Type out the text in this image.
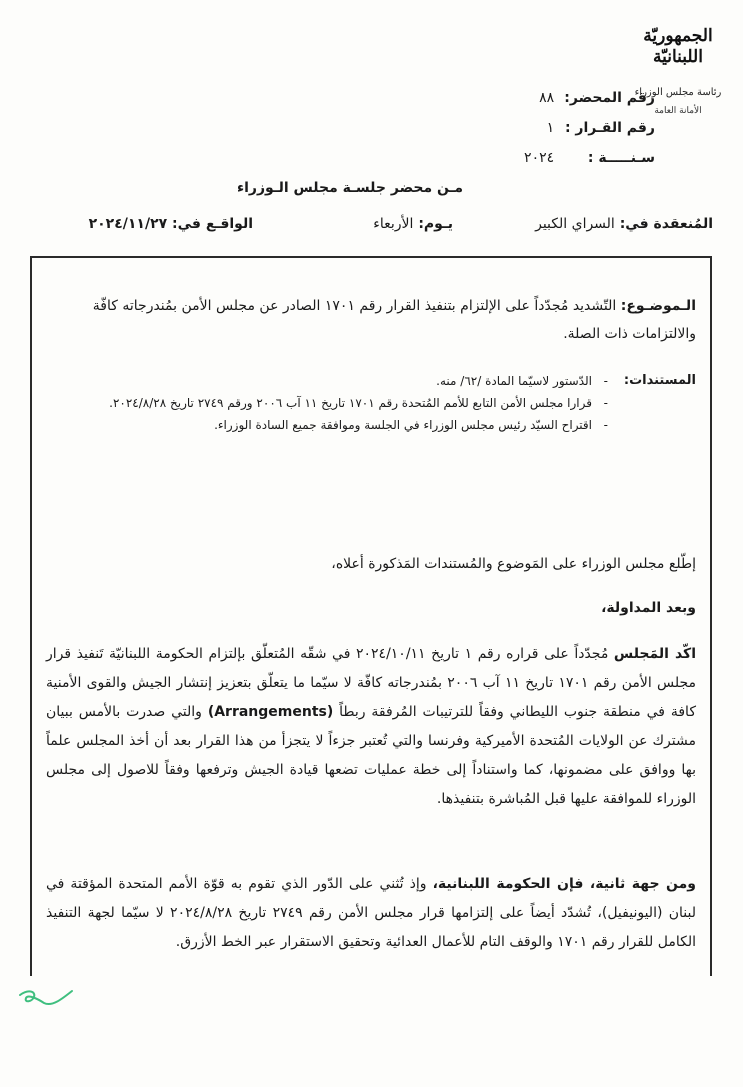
الجمهوريّة
اللبنانيّة
رئاسة مجلس الوزراء
الأمانة العامة
رقم المحضر: ٨٨
رقم القـرار : ١
سـنـــــة : ٢٠٢٤
مـن محضر جلسـة مجلس الـوزراء
المُنعقدة في: السراي الكبير
يـوم: الأربعاء
الواقـع في: ٢٠٢٤/١١/٢٧
الـموضـوع: التّشديد مُجدّداً على الإلتزام بتنفيذ القرار رقم ١٧٠١ الصادر عن مجلس الأمن بمُندرجاته كافّة والالتزامات ذات الصلة.
المستندات:
-
الدّستور لاسيّما المادة /٦٢/ منه.
-
قرارا مجلس الأمن التابع للأمم المُتحدة رقم ١٧٠١ تاريخ ١١ آب ٢٠٠٦ ورقم ٢٧٤٩ تاريخ ٢٠٢٤/٨/٢٨.
-
اقتراح السيّد رئيس مجلس الوزراء في الجلسة وموافقة جميع السادة الوزراء.
إطّلع مجلس الوزراء على المَوضوع والمُستندات المَذكورة أعلاه،
وبعد المداولة،
اكّد المَجلس مُجدّداً على قراره رقم ١ تاريخ ٢٠٢٤/١٠/١١ في شقّه المُتعلّق بإلتزام الحكومة اللبنانيّة تَنفيذ قرار مجلس الأمن رقم ١٧٠١ تاريخ ١١ آب ٢٠٠٦ بمُندرجاته كافّة لا سيّما ما يتعلّق بتعزيز إنتشار الجيش والقوى الأمنية كافة في منطقة جنوب الليطاني وفقاً للترتيبات المُرفقة ربطاً (Arrangements) والتي صدرت بالأمس ببيان مشترك عن الولايات المُتحدة الأميركية وفرنسا والتي تُعتبر جزءاً لا يتجزأ من هذا القرار بعد أن أخذ المجلس علماً بها ووافق على مضمونها، كما واستناداً إلى خطة عمليات تضعها قيادة الجيش وترفعها وفقاً للاصول إلى مجلس الوزراء للموافقة عليها قبل المُباشرة بتنفيذها.
ومن جهة ثانية، فإن الحكومة اللبنانية، وإذ تُثني على الدّور الذي تقوم به قوّة الأمم المتحدة المؤقتة في لبنان (اليونيفيل)، تُشدّد أيضاً على إلتزامها قرار مجلس الأمن رقم ٢٧٤٩ تاريخ ٢٠٢٤/٨/٢٨ لا سيّما لجهة التنفيذ الكامل للقرار رقم ١٧٠١ والوقف التام للأعمال العدائية وتحقيق الاستقرار عبر الخط الأزرق.
